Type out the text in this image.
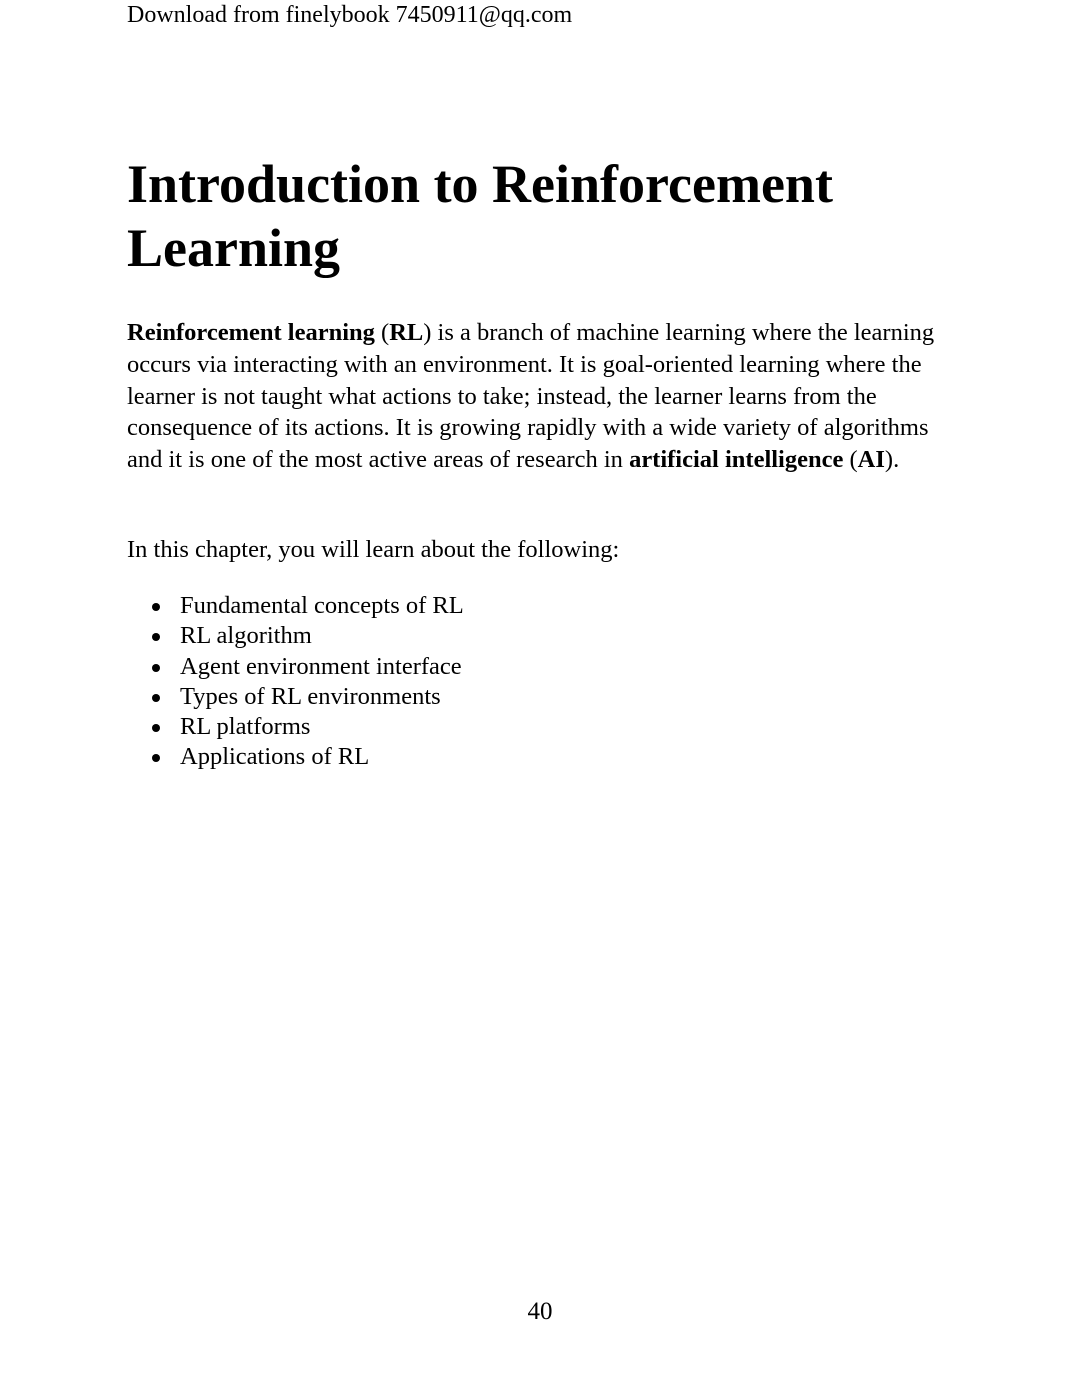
Download from finelybook 7450911@qq.com
Introduction to Reinforcement Learning

Reinforcement learning (RL) is a branch of machine learning where the learning occurs via interacting with an environment. It is goal-oriented learning where the learner is not taught what actions to take; instead, the learner learns from the consequence of its actions. It is growing rapidly with a wide variety of algorithms and it is one of the most active areas of research in artificial intelligence (AI).

In this chapter, you will learn about the following:

Fundamental concepts of RL
RL algorithm
Agent environment interface
Types of RL environments
RL platforms
Applications of RL
40
